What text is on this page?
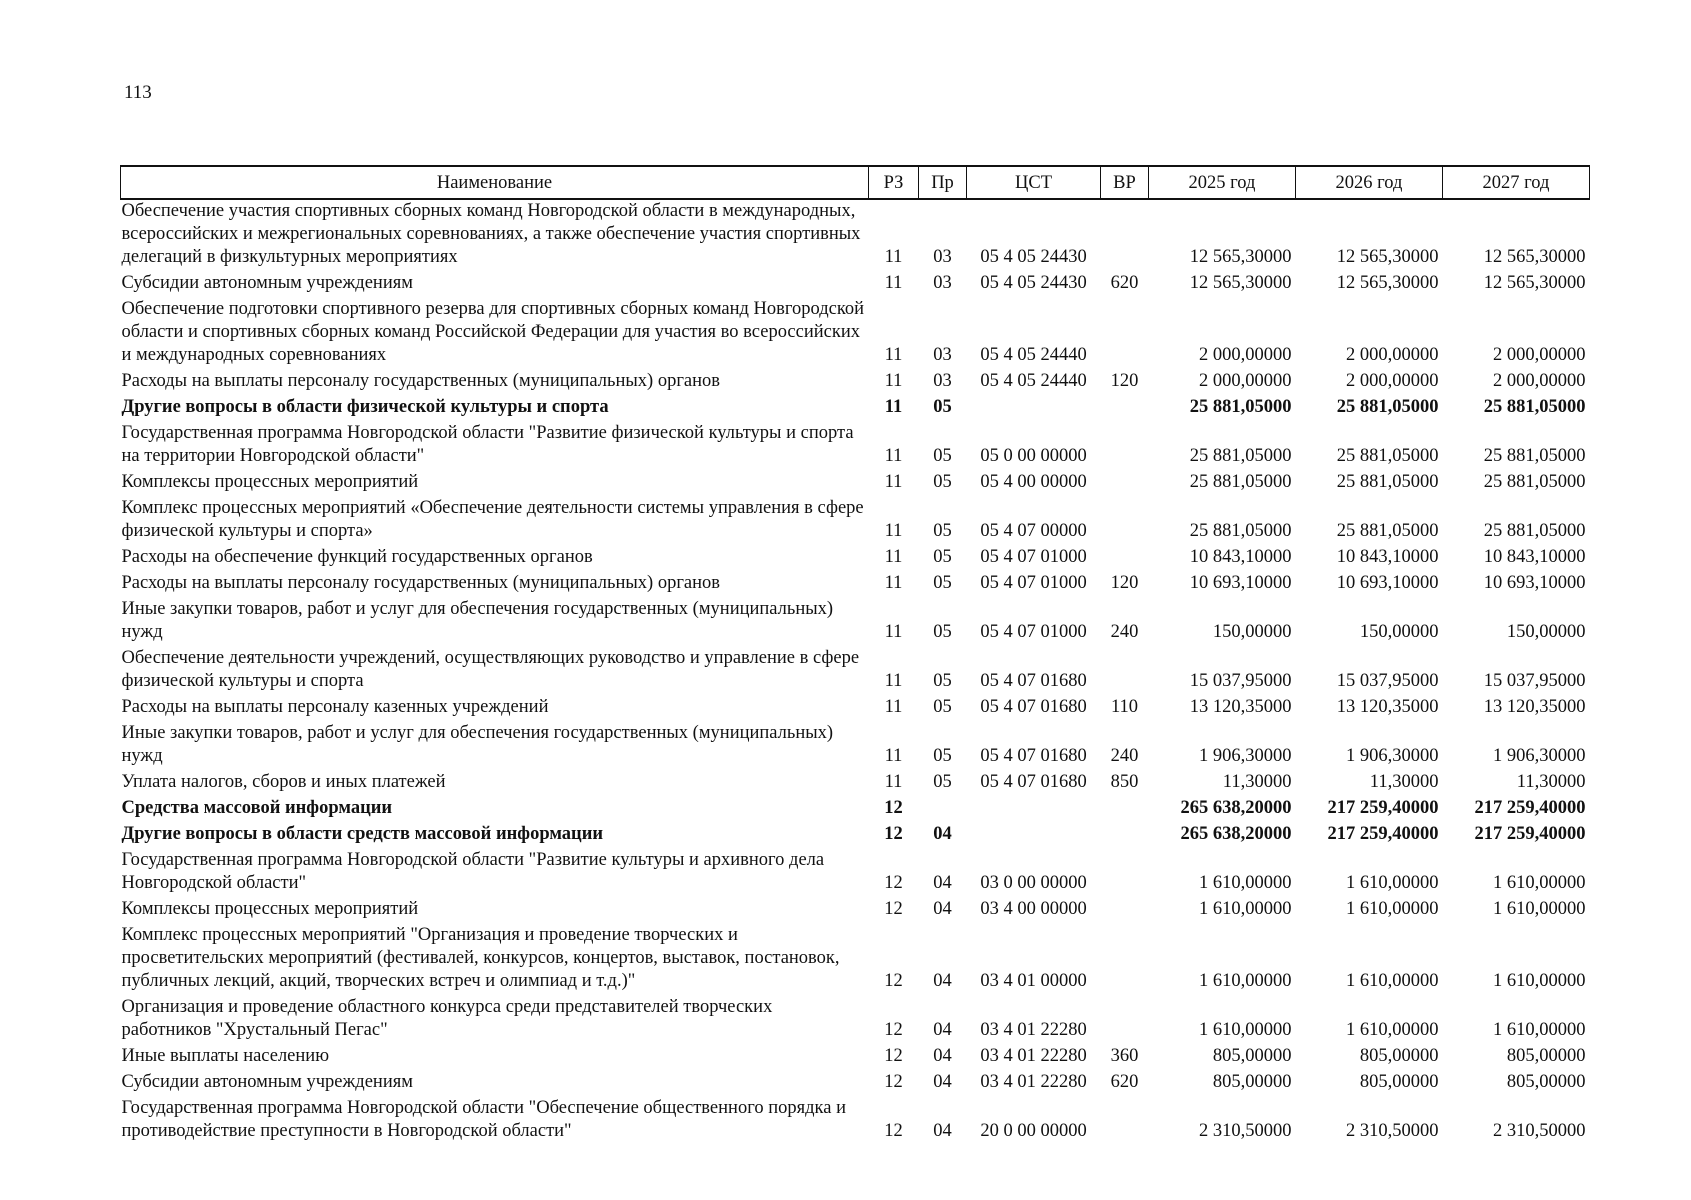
113
Наименование	РЗ	Пр	ЦСТ	ВР	2025 год	2026 год	2027 год
Обеспечение участия спортивных сборных команд Новгородской области в международных, всероссийских и межрегиональных соревнованиях, а также обеспечение участия спортивных делегаций в физкультурных мероприятиях	11	03	05 4 05 24430		12 565,30000	12 565,30000	12 565,30000
Субсидии автономным учреждениям	11	03	05 4 05 24430	620	12 565,30000	12 565,30000	12 565,30000
Обеспечение подготовки спортивного резерва для спортивных сборных команд Новгородской области и спортивных сборных команд Российской Федерации для участия во всероссийских и международных соревнованиях	11	03	05 4 05 24440		2 000,00000	2 000,00000	2 000,00000
Расходы на выплаты персоналу государственных (муниципальных) органов	11	03	05 4 05 24440	120	2 000,00000	2 000,00000	2 000,00000
Другие вопросы в области физической культуры и спорта	11	05			25 881,05000	25 881,05000	25 881,05000
Государственная программа Новгородской области "Развитие физической культуры и спорта на территории Новгородской области"	11	05	05 0 00 00000		25 881,05000	25 881,05000	25 881,05000
Комплексы процессных мероприятий	11	05	05 4 00 00000		25 881,05000	25 881,05000	25 881,05000
Комплекс процессных мероприятий «Обеспечение деятельности системы управления в сфере физической культуры и спорта»	11	05	05 4 07 00000		25 881,05000	25 881,05000	25 881,05000
Расходы на обеспечение функций государственных органов	11	05	05 4 07 01000		10 843,10000	10 843,10000	10 843,10000
Расходы на выплаты персоналу государственных (муниципальных) органов	11	05	05 4 07 01000	120	10 693,10000	10 693,10000	10 693,10000
Иные закупки товаров, работ и услуг для обеспечения государственных (муниципальных) нужд	11	05	05 4 07 01000	240	150,00000	150,00000	150,00000
Обеспечение деятельности учреждений, осуществляющих руководство и управление в сфере физической культуры и спорта	11	05	05 4 07 01680		15 037,95000	15 037,95000	15 037,95000
Расходы на выплаты персоналу казенных учреждений	11	05	05 4 07 01680	110	13 120,35000	13 120,35000	13 120,35000
Иные закупки товаров, работ и услуг для обеспечения государственных (муниципальных) нужд	11	05	05 4 07 01680	240	1 906,30000	1 906,30000	1 906,30000
Уплата налогов, сборов и иных платежей	11	05	05 4 07 01680	850	11,30000	11,30000	11,30000
Средства массовой информации	12				265 638,20000	217 259,40000	217 259,40000
Другие вопросы в области средств массовой информации	12	04			265 638,20000	217 259,40000	217 259,40000
Государственная программа Новгородской области "Развитие культуры и архивного дела Новгородской области"	12	04	03 0 00 00000		1 610,00000	1 610,00000	1 610,00000
Комплексы процессных мероприятий	12	04	03 4 00 00000		1 610,00000	1 610,00000	1 610,00000
Комплекс процессных мероприятий "Организация и проведение творческих и просветительских мероприятий (фестивалей, конкурсов, концертов, выставок, постановок, публичных лекций, акций, творческих встреч и олимпиад и т.д.)"	12	04	03 4 01 00000		1 610,00000	1 610,00000	1 610,00000
Организация и проведение областного конкурса среди представителей творческих работников "Хрустальный Пегас"	12	04	03 4 01 22280		1 610,00000	1 610,00000	1 610,00000
Иные выплаты населению	12	04	03 4 01 22280	360	805,00000	805,00000	805,00000
Субсидии автономным учреждениям	12	04	03 4 01 22280	620	805,00000	805,00000	805,00000
Государственная программа Новгородской области "Обеспечение общественного порядка и противодействие преступности в Новгородской области"	12	04	20 0 00 00000		2 310,50000	2 310,50000	2 310,50000
